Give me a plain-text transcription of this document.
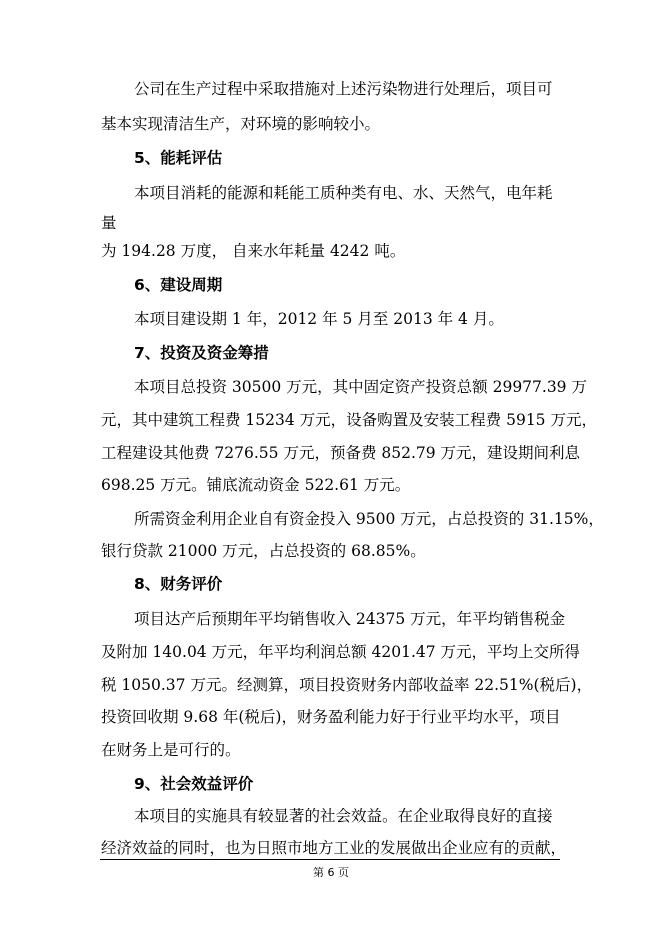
公司在生产过程中采取措施对上述污染物进行处理后，项目可
基本实现清洁生产，对环境的影响较小。
5、能耗评估
本项目消耗的能源和耗能工质种类有电、水、天然气，电年耗
量
为 194.28 万度， 自来水年耗量 4242 吨。
6、建设周期
本项目建设期 1 年，2012 年 5 月至 2013 年 4 月。
7、投资及资金筹措
本项目总投资 30500 万元，其中固定资产投资总额 29977.39 万
元，其中建筑工程费 15234 万元，设备购置及安装工程费 5915 万元，
工程建设其他费 7276.55 万元，预备费 852.79 万元，建设期间利息
698.25 万元。铺底流动资金 522.61 万元。
所需资金利用企业自有资金投入 9500 万元，占总投资的 31.15%，
银行贷款 21000 万元，占总投资的 68.85%。
8、财务评价
项目达产后预期年平均销售收入 24375 万元，年平均销售税金
及附加 140.04 万元，年平均利润总额 4201.47 万元，平均上交所得
税 1050.37 万元。经测算，项目投资财务内部收益率 22.51%(税后)，
投资回收期 9.68 年(税后)，财务盈利能力好于行业平均水平，项目
在财务上是可行的。
9、社会效益评价
本项目的实施具有较显著的社会效益。在企业取得良好的直接
经济效益的同时，也为日照市地方工业的发展做出企业应有的贡献，
第 6 页
